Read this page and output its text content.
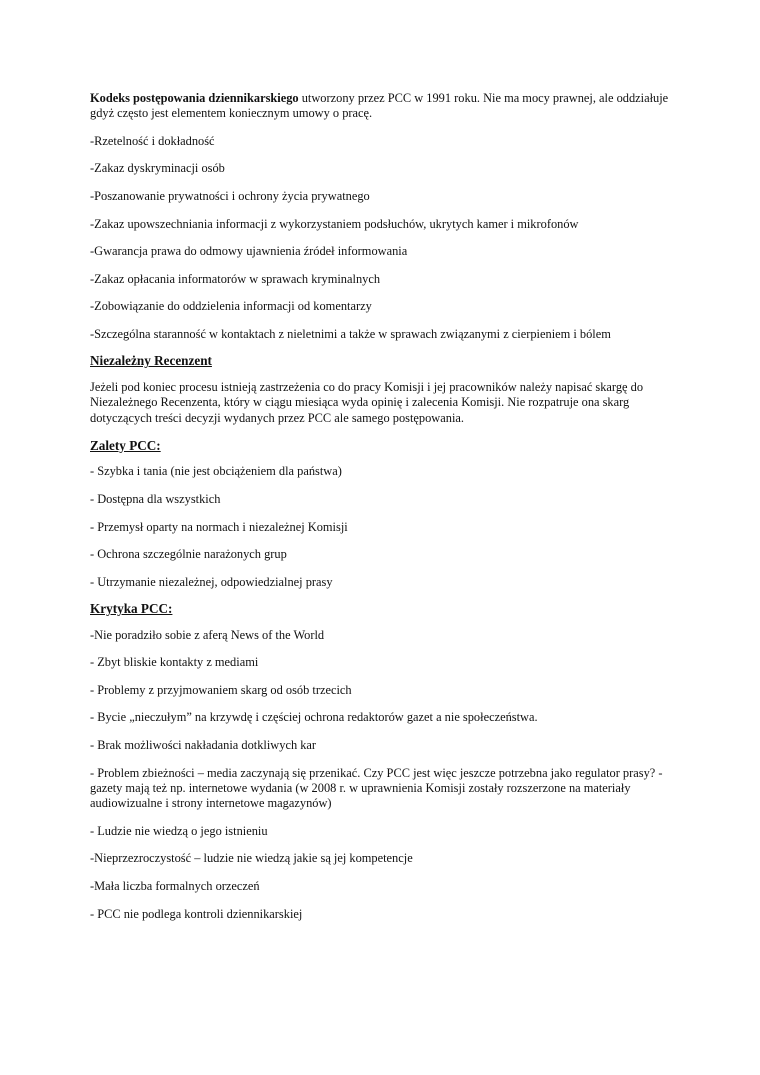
Kodeks postępowania dziennikarskiego utworzony przez PCC w 1991 roku. Nie ma mocy prawnej, ale oddziałuje gdyż często jest elementem koniecznym umowy o pracę.

-Rzetelność i dokładność

-Zakaz dyskryminacji osób

-Poszanowanie prywatności i ochrony życia prywatnego

-Zakaz upowszechniania informacji z wykorzystaniem podsłuchów, ukrytych kamer i mikrofonów

-Gwarancja prawa do odmowy ujawnienia źródeł informowania

-Zakaz opłacania informatorów w sprawach kryminalnych

-Zobowiązanie do oddzielenia informacji od komentarzy

-Szczególna staranność w kontaktach z nieletnimi a także w sprawach związanymi z cierpieniem i bólem

Niezależny Recenzent

Jeżeli pod koniec procesu istnieją zastrzeżenia co do pracy Komisji i jej pracowników należy napisać skargę do Niezależnego Recenzenta, który w ciągu miesiąca wyda opinię i zalecenia Komisji. Nie rozpatruje ona skarg dotyczących treści decyzji wydanych przez PCC ale samego postępowania.

Zalety PCC:

- Szybka i tania (nie jest obciążeniem dla państwa)

- Dostępna dla wszystkich

- Przemysł oparty na normach i niezależnej Komisji

- Ochrona szczególnie narażonych grup

- Utrzymanie niezależnej, odpowiedzialnej prasy

Krytyka PCC:

-Nie poradziło sobie z aferą News of the World

- Zbyt bliskie kontakty z mediami

- Problemy z przyjmowaniem skarg od osób trzecich

- Bycie „nieczułym” na krzywdę i częściej ochrona redaktorów gazet a nie społeczeństwa.

- Brak możliwości nakładania dotkliwych kar

- Problem zbieżności – media zaczynają się przenikać. Czy PCC jest więc jeszcze potrzebna jako regulator prasy? - gazety mają też np. internetowe wydania (w 2008 r. w uprawnienia Komisji zostały rozszerzone na materiały audiowizualne i strony internetowe magazynów)

- Ludzie nie wiedzą o jego istnieniu

-Nieprzezroczystość – ludzie nie wiedzą jakie są jej kompetencje

-Mała liczba formalnych orzeczeń

- PCC nie podlega kontroli dziennikarskiej
